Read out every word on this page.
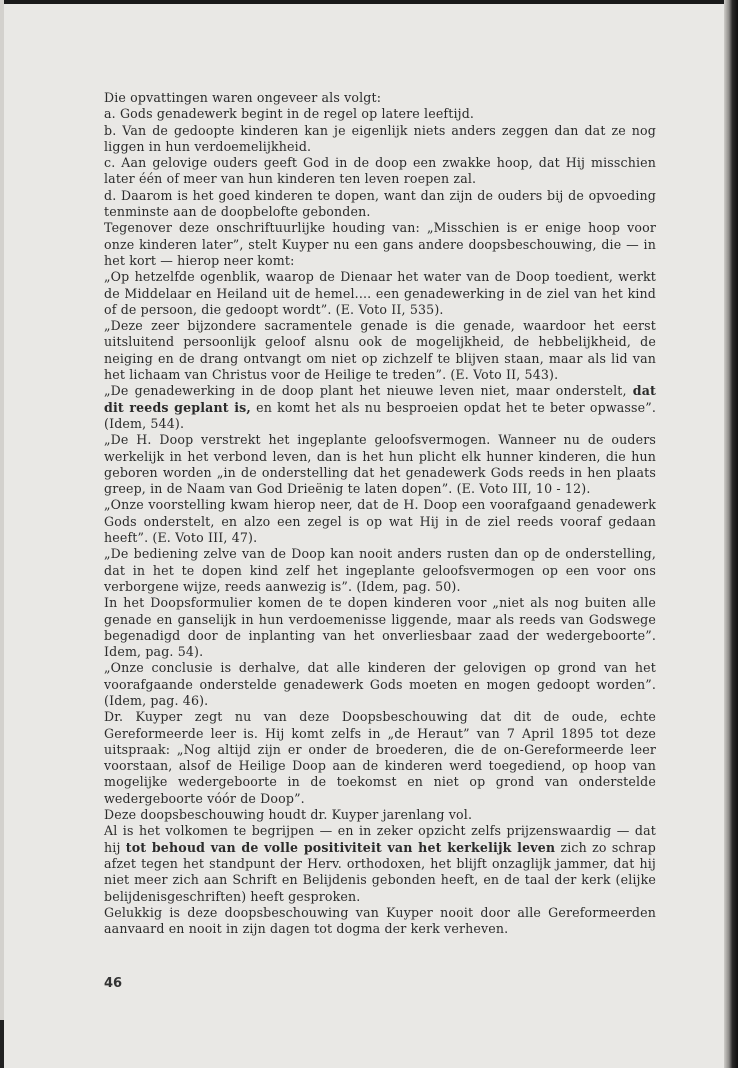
Die opvattingen waren ongeveer als volgt:

a. Gods genadewerk begint in de regel op latere leeftijd.

b. Van de gedoopte kinderen kan je eigenlijk niets anders zeggen dan dat ze nog liggen in hun verdoemelijkheid.

c. Aan gelovige ouders geeft God in de doop een zwakke hoop, dat Hij misschien later één of meer van hun kinderen ten leven roepen zal.

d. Daarom is het goed kinderen te dopen, want dan zijn de ouders bij de opvoeding tenminste aan de doopbelofte gebonden.

Tegenover deze onschriftuurlijke houding van: „Misschien is er enige hoop voor onze kinderen later”, stelt Kuyper nu een gans andere doopsbeschouwing, die — in het kort — hierop neer komt:

„Op hetzelfde ogenblik, waarop de Dienaar het water van de Doop toedient, werkt de Middelaar en Heiland uit de hemel.... een genadewerking in de ziel van het kind of de persoon, die gedoopt wordt”. (E. Voto II, 535).

„Deze zeer bijzondere sacramentele genade is die genade, waardoor het eerst uitsluitend persoonlijk geloof alsnu ook de mogelijkheid, de hebbelijkheid, de neiging en de drang ontvangt om niet op zichzelf te blijven staan, maar als lid van het lichaam van Christus voor de Heilige te treden”. (E. Voto II, 543).

„De genadewerking in de doop plant het nieuwe leven niet, maar onderstelt, dat dit reeds geplant is, en komt het als nu besproeien opdat het te beter opwasse”. (Idem, 544).

„De H. Doop verstrekt het ingeplante geloofsvermogen. Wanneer nu de ouders werkelijk in het verbond leven, dan is het hun plicht elk hunner kinderen, die hun geboren worden „in de onderstelling dat het genadewerk Gods reeds in hen plaats greep, in de Naam van God Drieënig te laten dopen”. (E. Voto III, 10 - 12).

„Onze voorstelling kwam hierop neer, dat de H. Doop een voorafgaand genadewerk Gods onderstelt, en alzo een zegel is op wat Hij in de ziel reeds vooraf gedaan heeft”. (E. Voto III, 47).

„De bediening zelve van de Doop kan nooit anders rusten dan op de onderstelling, dat in het te dopen kind zelf het ingeplante geloofsvermogen op een voor ons verborgene wijze, reeds aanwezig is”. (Idem, pag. 50).

In het Doopsformulier komen de te dopen kinderen voor „niet als nog buiten alle genade en ganselijk in hun verdoemenisse liggende, maar als reeds van Godswege begenadigd door de inplanting van het onverliesbaar zaad der wedergeboorte”. Idem, pag. 54).

„Onze conclusie is derhalve, dat alle kinderen der gelovigen op grond van het voorafgaande onderstelde genadewerk Gods moeten en mogen gedoopt worden”. (Idem, pag. 46).

Dr. Kuyper zegt nu van deze Doopsbeschouwing dat dit de oude, echte Gereformeerde leer is. Hij komt zelfs in „de Heraut” van 7 April 1895 tot deze uitspraak: „Nog altijd zijn er onder de broederen, die de on-Gereformeerde leer voorstaan, alsof de Heilige Doop aan de kinderen werd toegediend, op hoop van mogelijke wedergeboorte in de toekomst en niet op grond van onderstelde wedergeboorte vóór de Doop”.

Deze doopsbeschouwing houdt dr. Kuyper jarenlang vol.

Al is het volkomen te begrijpen — en in zeker opzicht zelfs prijzenswaardig — dat hij tot behoud van de volle positiviteit van het kerkelijk leven zich zo schrap afzet tegen het standpunt der Herv. orthodoxen, het blijft onzaglijk jammer, dat hij niet meer zich aan Schrift en Belijdenis gebonden heeft, en de taal der kerk (elijke belijdenisgeschriften) heeft gesproken.

Gelukkig is deze doopsbeschouwing van Kuyper nooit door alle Gereformeerden aanvaard en nooit in zijn dagen tot dogma der kerk verheven.

46
